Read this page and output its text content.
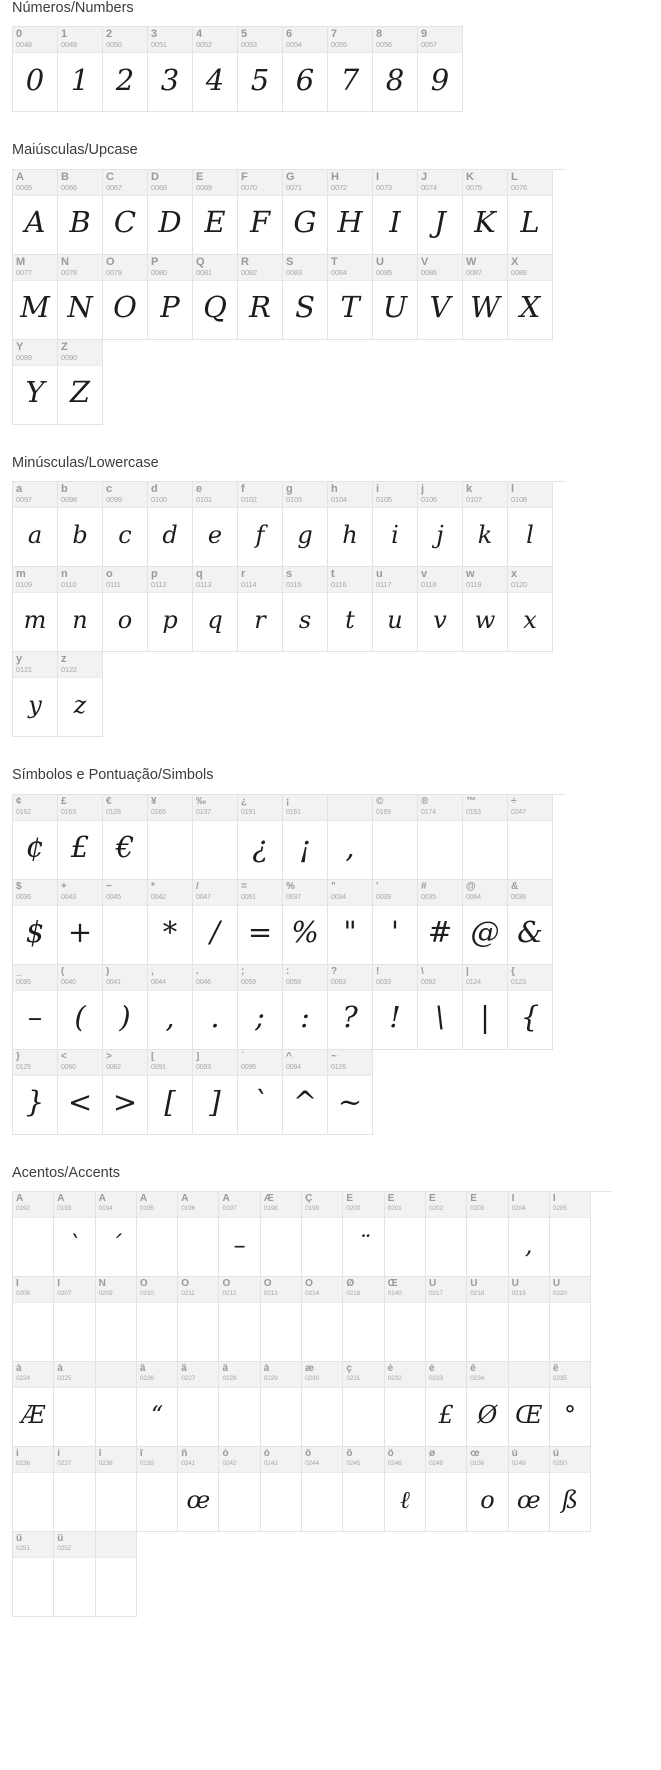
Números/Numbers
0
0048
0
1
0049
1
2
0050
2
3
0051
3
4
0052
4
5
0053
5
6
0054
6
7
0055
7
8
0056
8
9
0057
9
Maiúsculas/Upcase
A
0065
A
B
0066
B
C
0067
C
D
0068
D
E
0069
E
F
0070
F
G
0071
G
H
0072
H
I
0073
I
J
0074
J
K
0075
K
L
0076
L
M
0077
M
N
0078
N
O
0079
O
P
0080
P
Q
0081
Q
R
0082
R
S
0083
S
T
0084
T
U
0085
U
V
0086
V
W
0087
W
X
0088
X
Y
0089
Y
Z
0090
Z
Minúsculas/Lowercase
a
0097
a
b
0098
b
c
0099
c
d
0100
d
e
0101
e
f
0102
f
g
0103
g
h
0104
h
i
0105
i
j
0106
j
k
0107
k
l
0108
l
m
0109
m
n
0110
n
o
0111
o
p
0112
p
q
0113
q
r
0114
r
s
0115
s
t
0116
t
u
0117
u
v
0118
v
w
0119
w
x
0120
x
y
0121
y
z
0122
z
Símbolos e Pontuação/Simbols
¢
0162
¢
£
0163
£
€
0128
€
¥
0165
‰
0137
¿
0191
¿
¡
0161
¡	,
©
0169
®
0174
™
0153
÷
0247
$
0036
$
+
0043
+
−
0045
*
0042
*
/
0047
/
=
0061
=
%
0037
%
"
0034
"
'
0039
'
#
0035
#
@
0064
@
&
0038
&
_
0095
–
(
0040
(
)
0041
)
,
0044
,
.
0046
.
;
0059
;
:
0058
:
?
0063
?
!
0033
!
\
0092
\
|
0124
|
{
0123
{
}
0125
}
<
0060
<
>
0062
>
[
0091
[
]
0093
]
`
0096
`
^
0094
^
~
0126
~
Acentos/Accents
À
0192
Á
0193
`
Â
0194
´
Ã
0195
Ä
0196
Å
0197
–
Æ
0198
Ç
0199
È
0200
¨
É
0201
Ê
0202
Ë
0203
Ì
0204
,
Í
0205
Î
0206
Ï
0207
Ñ
0209
Ò
0210
Ó
0211
Ô
0212
Õ
0213
Ö
0214
Ø
0216
Œ
0140
Ù
0217
Ú
0218
Û
0219
Ü
0220
à
0224
Æ
á
0225
â
0226
“
ã
0227
ä
0228
å
0229
æ
0230
ç
0231
è
0232
é
0233
£
ê
0234
Ø Œ
ë
0235
°
ì
0236
í
0237
î
0238
ï
0239
ñ
0241
œ
ò
0242
ó
0243
ô
0244
õ
0245
ö
0246
ℓ
ø
0248
œ
0156
o
ù
0249
œ
ú
0250
ß
û
0251
ü
0252
